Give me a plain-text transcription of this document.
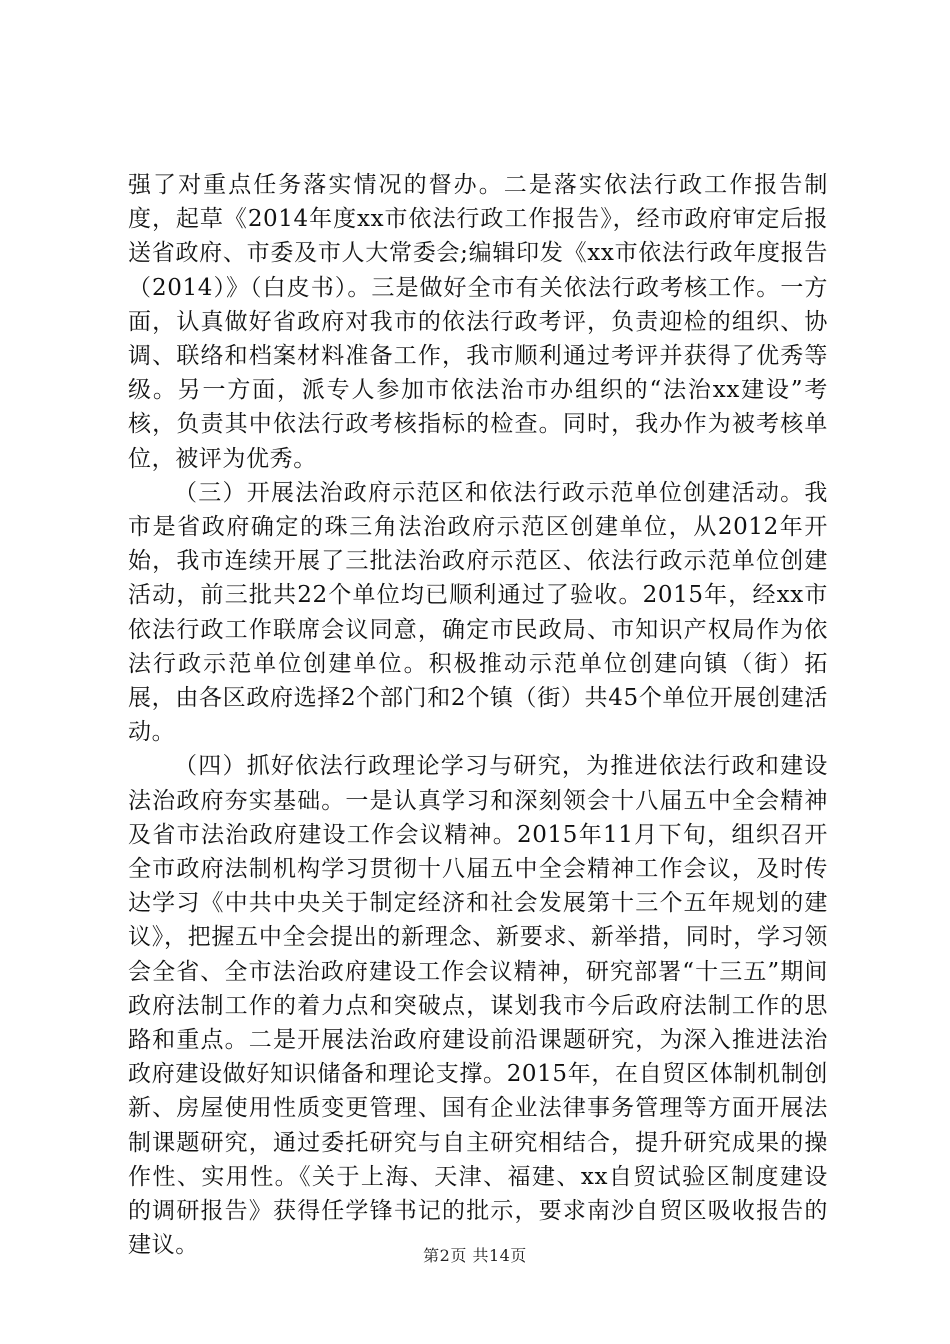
强了对重点任务落实情况的督办。二是落实依法行政工作报告制度，起草《2014年度xx市依法行政工作报告》，经市政府审定后报送省政府、市委及市人大常委会;编辑印发《xx市依法行政年度报告（2014）》（白皮书）。三是做好全市有关依法行政考核工作。一方面，认真做好省政府对我市的依法行政考评，负责迎检的组织、协调、联络和档案材料准备工作，我市顺利通过考评并获得了优秀等级。另一方面，派专人参加市依法治市办组织的“法治xx建设”考核，负责其中依法行政考核指标的检查。同时，我办作为被考核单位，被评为优秀。

（三）开展法治政府示范区和依法行政示范单位创建活动。我市是省政府确定的珠三角法治政府示范区创建单位，从2012年开始，我市连续开展了三批法治政府示范区、依法行政示范单位创建活动，前三批共22个单位均已顺利通过了验收。2015年，经xx市依法行政工作联席会议同意，确定市民政局、市知识产权局作为依法行政示范单位创建单位。积极推动示范单位创建向镇（街）拓展，由各区政府选择2个部门和2个镇（街）共45个单位开展创建活动。

（四）抓好依法行政理论学习与研究，为推进依法行政和建设法治政府夯实基础。一是认真学习和深刻领会十八届五中全会精神及省市法治政府建设工作会议精神。2015年11月下旬，组织召开全市政府法制机构学习贯彻十八届五中全会精神工作会议，及时传达学习《中共中央关于制定经济和社会发展第十三个五年规划的建议》，把握五中全会提出的新理念、新要求、新举措，同时，学习领会全省、全市法治政府建设工作会议精神，研究部署“十三五”期间政府法制工作的着力点和突破点，谋划我市今后政府法制工作的思路和重点。二是开展法治政府建设前沿课题研究，为深入推进法治政府建设做好知识储备和理论支撑。2015年，在自贸区体制机制创新、房屋使用性质变更管理、国有企业法律事务管理等方面开展法制课题研究，通过委托研究与自主研究相结合，提升研究成果的操作性、实用性。《关于上海、天津、福建、xx自贸试验区制度建设的调研报告》获得任学锋书记的批示，要求南沙自贸区吸收报告的建议。	第2页 共14页
